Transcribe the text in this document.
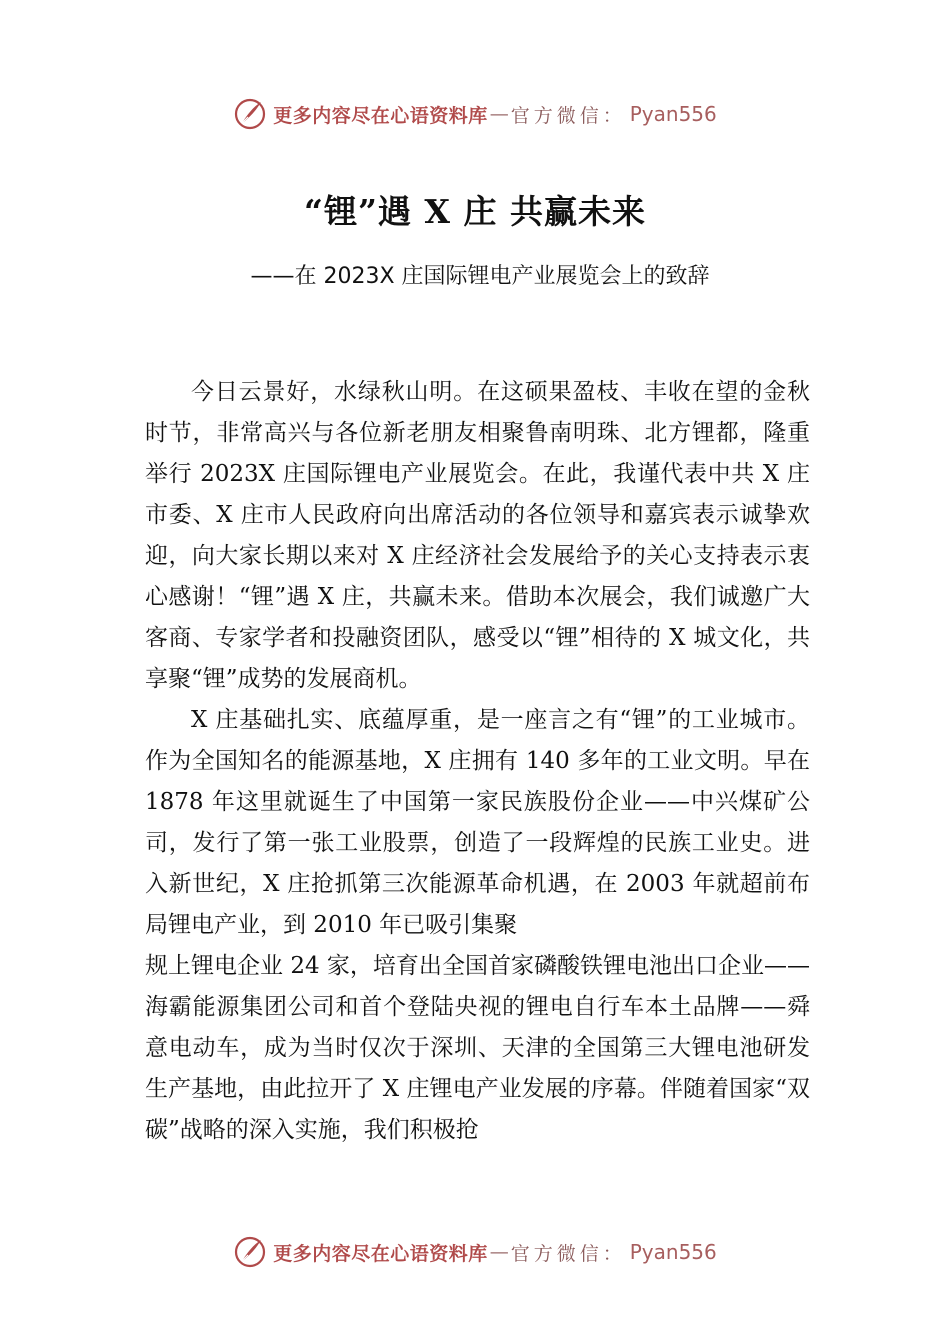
更多内容尽在心语资料库 — 官方微信： Pyan556
“锂”遇 X 庄 共赢未来

——在 2023X 庄国际锂电产业展览会上的致辞

今日云景好，水绿秋山明。在这硕果盈枝、丰收在望的金秋时节，非常高兴与各位新老朋友相聚鲁南明珠、北方锂都，隆重举行 2023X 庄国际锂电产业展览会。在此，我谨代表中共 X 庄市委、X 庄市人民政府向出席活动的各位领导和嘉宾表示诚挚欢迎，向大家长期以来对 X 庄经济社会发展给予的关心支持表示衷心感谢！“锂”遇 X 庄，共赢未来。借助本次展会，我们诚邀广大客商、专家学者和投融资团队，感受以“锂”相待的 X 城文化，共享聚“锂”成势的发展商机。

X 庄基础扎实、底蕴厚重，是一座言之有“锂”的工业城市。作为全国知名的能源基地，X 庄拥有 140 多年的工业文明。早在 1878 年这里就诞生了中国第一家民族股份企业——中兴煤矿公司，发行了第一张工业股票，创造了一段辉煌的民族工业史。进入新世纪，X 庄抢抓第三次能源革命机遇，在 2003 年就超前布局锂电产业，到 2010 年已吸引集聚

规上锂电企业 24 家，培育出全国首家磷酸铁锂电池出口企业——海霸能源集团公司和首个登陆央视的锂电自行车本土品牌——舜意电动车，成为当时仅次于深圳、天津的全国第三大锂电池研发生产基地，由此拉开了 X 庄锂电产业发展的序幕。伴随着国家“双碳”战略的深入实施，我们积极抢

更多内容尽在心语资料库 — 官方微信： Pyan556
